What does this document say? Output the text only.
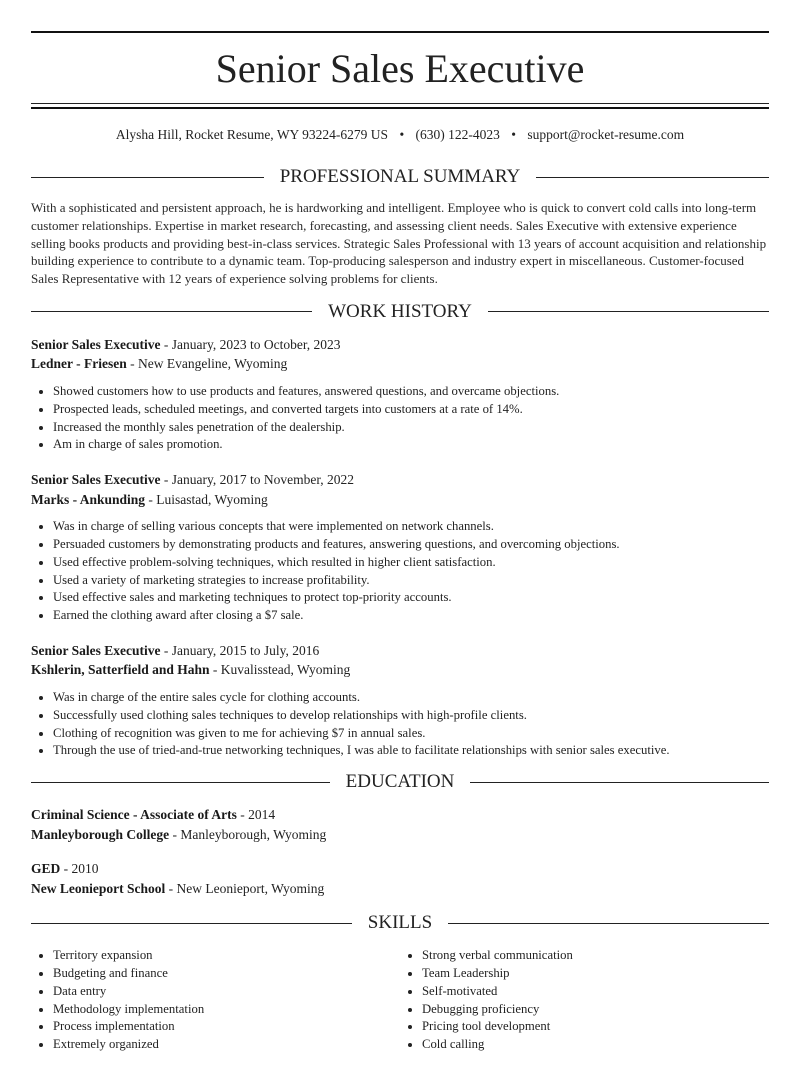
Senior Sales Executive
Alysha Hill, Rocket Resume, WY 93224-6279 US • (630) 122-4023 • support@rocket-resume.com
PROFESSIONAL SUMMARY

With a sophisticated and persistent approach, he is hardworking and intelligent. Employee who is quick to convert cold calls into long-term customer relationships. Expertise in market research, forecasting, and assessing client needs. Sales Executive with extensive experience selling books products and providing best-in-class services. Strategic Sales Professional with 13 years of account acquisition and relationship building experience to contribute to a dynamic team. Top-producing salesperson and industry expert in miscellaneous. Customer-focused Sales Representative with 12 years of experience solving problems for clients.

WORK HISTORY
Senior Sales Executive - January, 2023 to October, 2023
Ledner - Friesen - New Evangeline, Wyoming
• Showed customers how to use products and features, answered questions, and overcame objections.
• Prospected leads, scheduled meetings, and converted targets into customers at a rate of 14%.
• Increased the monthly sales penetration of the dealership.
• Am in charge of sales promotion.
Senior Sales Executive - January, 2017 to November, 2022
Marks - Ankunding - Luisastad, Wyoming
• Was in charge of selling various concepts that were implemented on network channels.
• Persuaded customers by demonstrating products and features, answering questions, and overcoming objections.
• Used effective problem-solving techniques, which resulted in higher client satisfaction.
• Used a variety of marketing strategies to increase profitability.
• Used effective sales and marketing techniques to protect top-priority accounts.
• Earned the clothing award after closing a $7 sale.
Senior Sales Executive - January, 2015 to July, 2016
Kshlerin, Satterfield and Hahn - Kuvalisstead, Wyoming
• Was in charge of the entire sales cycle for clothing accounts.
• Successfully used clothing sales techniques to develop relationships with high-profile clients.
• Clothing of recognition was given to me for achieving $7 in annual sales.
• Through the use of tried-and-true networking techniques, I was able to facilitate relationships with senior sales executive.
EDUCATION
Criminal Science - Associate of Arts - 2014
Manleyborough College - Manleyborough, Wyoming
GED - 2010
New Leonieport School - New Leonieport, Wyoming
SKILLS
• Territory expansion
• Budgeting and finance
• Data entry
• Methodology implementation
• Process implementation
• Extremely organized
• Strong verbal communication
• Team Leadership
• Self-motivated
• Debugging proficiency
• Pricing tool development
• Cold calling
